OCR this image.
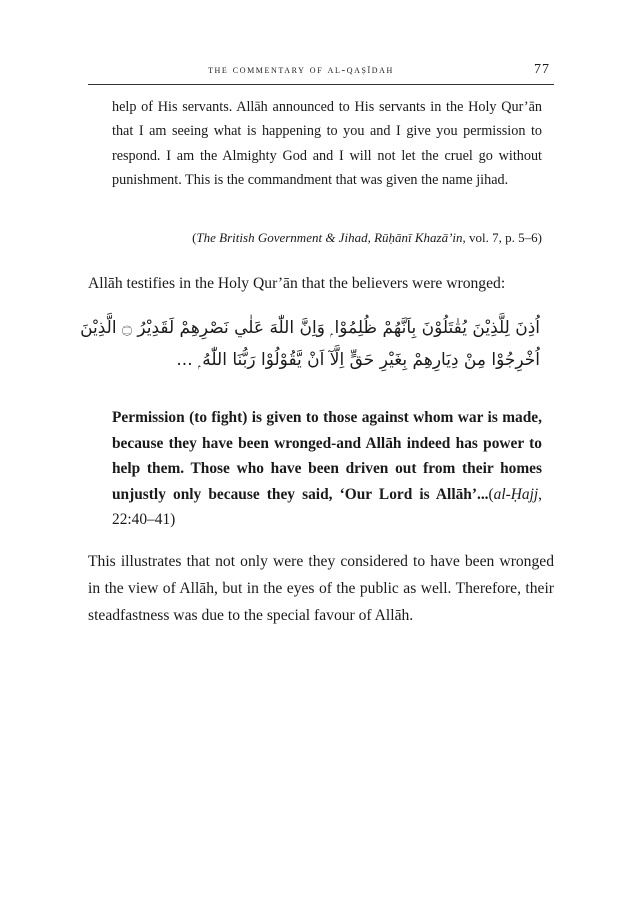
the commentary of al-qaṣīdah	77

help of His servants. Allāh announced to His servants in the Holy Qur’ān that I am seeing what is happening to you and I give you permission to respond. I am the Almighty God and I will not let the cruel go without punishment. This is the commandment that was given the name jihad.

(The British Government & Jihad, Rūḥānī Khazā’in, vol. 7, p. 5–6)

Allāh testifies in the Holy Qur’ān that the believers were wronged:

اُذِنَ لِلَّذِيْنَ يُقٰتَلُوْنَ بِاَنَّهُمْ ظُلِمُوْا ۭ وَاِنَّ اللّٰهَ عَلٰي نَصْرِهِمْ لَقَدِيْرُ ۝ الَّذِيْنَ
اُخْرِجُوْا مِنْ دِيَارِهِمْ بِغَيْرِ حَقٍّ اِلَّآ اَنْ يَّقُوْلُوْا رَبُّنَا اللّٰهُ ۭ ...
Permission (to fight) is given to those against whom war is made, because they have been wronged-and Allāh indeed has power to help them. Those who have been driven out from their homes unjustly only because they said, ‘Our Lord is Allāh’...(al-Ḥajj, 22:40–41)

This illustrates that not only were they considered to have been wronged in the view of Allāh, but in the eyes of the public as well. Therefore, their steadfastness was due to the special favour of Allāh.
